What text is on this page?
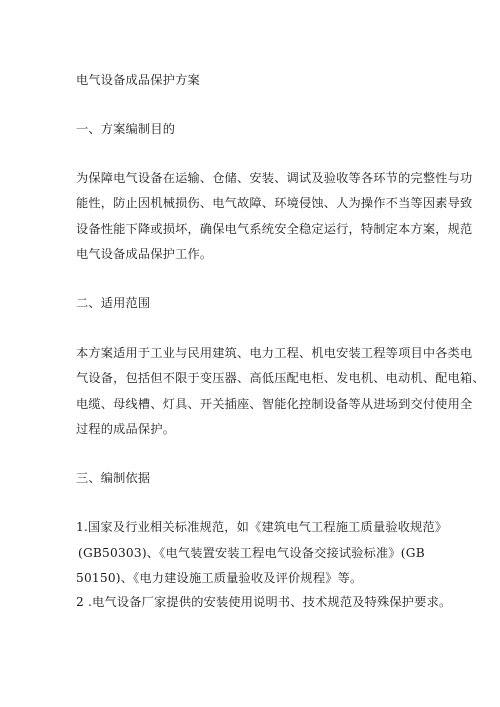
电气设备成品保护方案
一、方案编制目的
为保障电气设备在运输、仓储、安装、调试及验收等各环节的完整性与功
能性，防止因机械损伤、电气故障、环境侵蚀、人为操作不当等因素导致
设备性能下降或损坏，确保电气系统安全稳定运行，特制定本方案，规范
电气设备成品保护工作。
二、适用范围
本方案适用于工业与民用建筑、电力工程、机电安装工程等项目中各类电
气设备，包括但不限于变压器、高低压配电柜、发电机、电动机、配电箱、
电缆、母线槽、灯具、开关插座、智能化控制设备等从进场到交付使用全
过程的成品保护。
三、编制依据
1.国家及行业相关标准规范，如《建筑电气工程施工质量验收规范》
(GB50303)、《电气装置安装工程电气设备交接试验标准》(GB
50150)、《电力建设施工质量验收及评价规程》等。
2 .电气设备厂家提供的安装使用说明书、技术规范及特殊保护要求。
